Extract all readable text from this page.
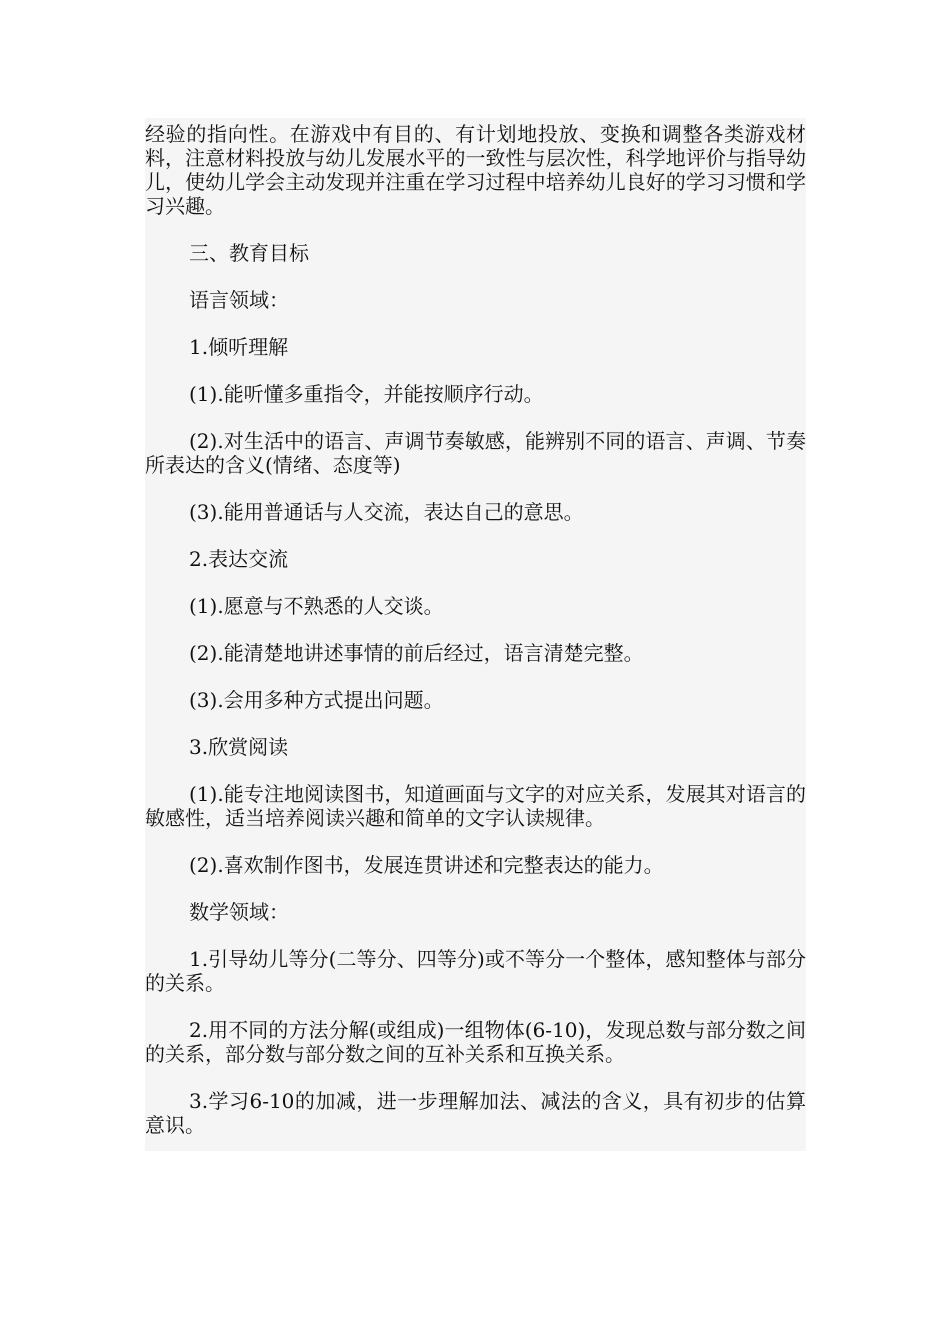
经验的指向性。在游戏中有目的、有计划地投放、变换和调整各类游戏材料，注意材料投放与幼儿发展水平的一致性与层次性，科学地评价与指导幼儿，使幼儿学会主动发现并注重在学习过程中培养幼儿良好的学习习惯和学习兴趣。

三、教育目标

语言领域：

1.倾听理解

(1).能听懂多重指令，并能按顺序行动。

(2).对生活中的语言、声调节奏敏感，能辨别不同的语言、声调、节奏所表达的含义(情绪、态度等)

(3).能用普通话与人交流，表达自己的意思。

2.表达交流

(1).愿意与不熟悉的人交谈。

(2).能清楚地讲述事情的前后经过，语言清楚完整。

(3).会用多种方式提出问题。

3.欣赏阅读

(1).能专注地阅读图书，知道画面与文字的对应关系，发展其对语言的敏感性，适当培养阅读兴趣和简单的文字认读规律。

(2).喜欢制作图书，发展连贯讲述和完整表达的能力。

数学领域：

1.引导幼儿等分(二等分、四等分)或不等分一个整体，感知整体与部分的关系。

2.用不同的方法分解(或组成)一组物体(6-10)，发现总数与部分数之间的关系，部分数与部分数之间的互补关系和互换关系。

3.学习6-10的加减，进一步理解加法、减法的含义，具有初步的估算意识。
